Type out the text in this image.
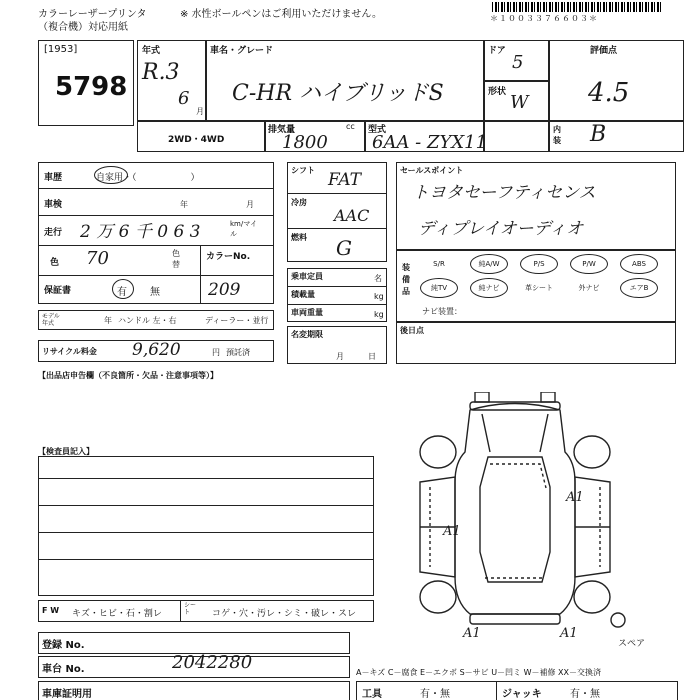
カラーレーザープリンタ
（複合機）対応用紙
※ 水性ボールペンはご利用いただけません。	＊１００３３７６６０３＊
[1953]
5798
年式
R.3
6
月
車名・グレード
C-HR ハイブリッドS
ドア
5
形状 W
評価点
4.5
内装 B
2WD・4WD
排気量	cc
1800
型式
6AA - ZYX11
車歴	自家用・（　　　　　　）
車検	年	月
走行 2 万 6 千 0 6 3	km/マイル
色 70	色替
カラーNo.
209
保証書	有 無
モデル年式	年 ハンドル 左・右	ディーラー・並行
リサイクル料金 9,620	円 預託済
シフト FAT
冷房
AAC
燃料 G
乗車定員	名
積載量	kg
車両重量	kg
名変期限
月	日
セールスポイント
トヨタセーフティセンス
ディプレイオーディオ
装備品
S/R	純A/W	P/S	P/W	ABS
純TV	純ナビ	革シート	外ナビ	エアB
ナビ装置：
後日点
【出品店申告欄（不良箇所・欠品・注意事項等）】
【検査員記入】
A1
A1
A1	A1
スペア
F W キズ・ヒビ・石・割レ
シート	コゲ・穴・汚レ・シミ・破レ・スレ
登録 No.
車台 No.	2042280
車庫証明用
A－キズ C－腐食 E－エクボ S－サビ U－凹ミ W－補修 XX－交換済
工具	有・無	ジャッキ	有・無
